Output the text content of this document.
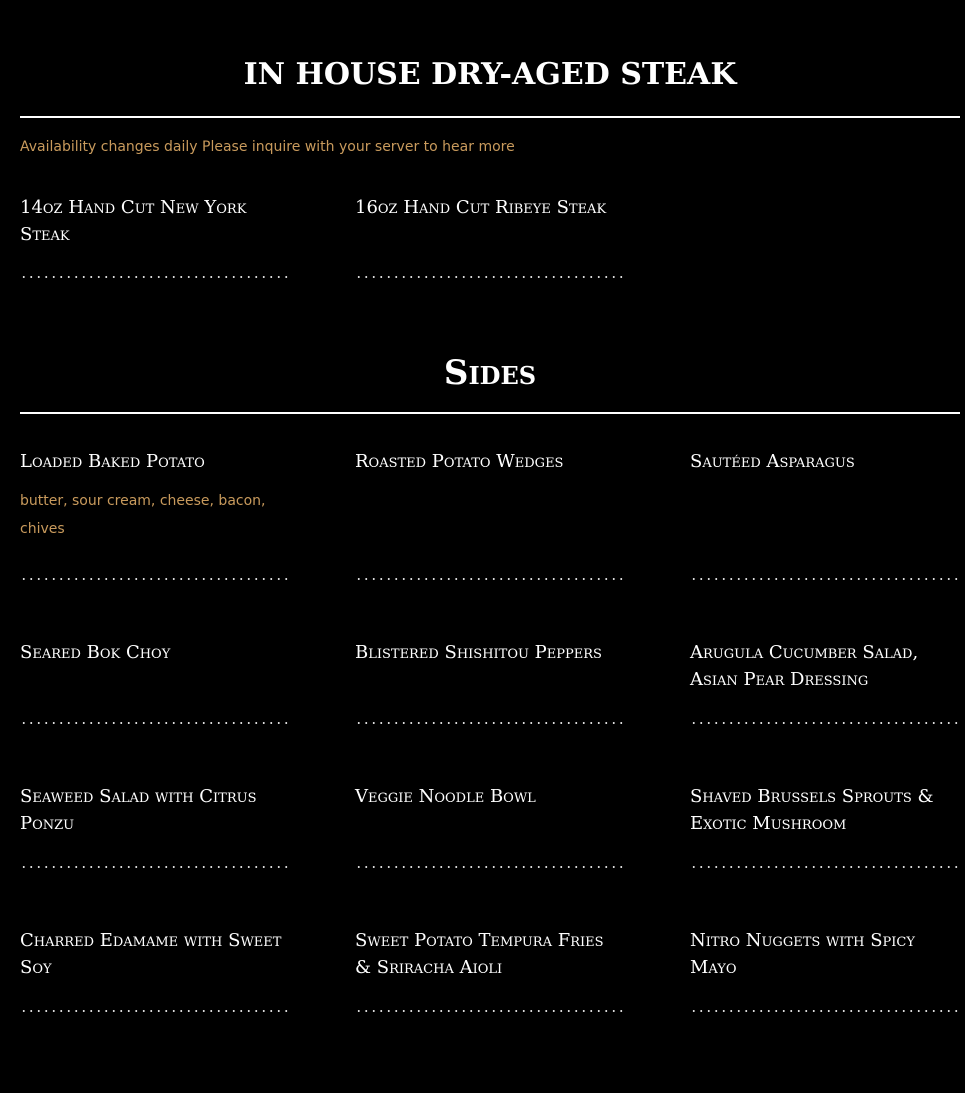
IN HOUSE DRY-AGED STEAK

Availability changes daily Please inquire with your server to hear more

14oz Hand Cut New York Steak

16oz Hand Cut Ribeye Steak

Sides

Loaded Baked Potato

butter, sour cream, cheese, bacon, chives

Roasted Potato Wedges	Sautéed Asparagus

Seared Bok Choy	Blistered Shishitou Peppers	Arugula Cucumber Salad, Asian Pear Dressing

Seaweed Salad with Citrus Ponzu

Veggie Noodle Bowl	Shaved Brussels Sprouts & Exotic Mushroom

Charred Edamame with Sweet Soy

Sweet Potato Tempura Fries & Sriracha Aioli

Nitro Nuggets with Spicy Mayo
